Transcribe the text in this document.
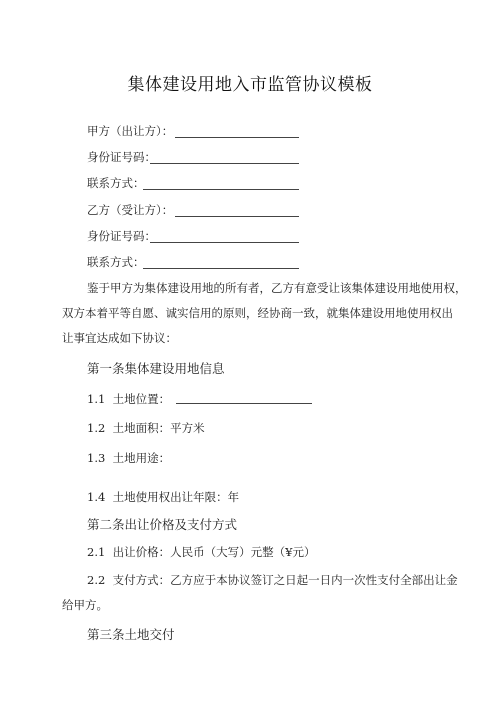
集体建设用地入市监管协议模板
甲方（出让方）：
身份证号码：
联系方式：
乙方（受让方）：
身份证号码：
联系方式：
鉴于甲方为集体建设用地的所有者，乙方有意受让该集体建设用地使用权，
双方本着平等自愿、诚实信用的原则，经协商一致，就集体建设用地使用权出
让事宜达成如下协议：
第一条集体建设用地信息
1.1 土地位置：
1.2 土地面积：平方米
1.3 土地用途：
1.4 土地使用权出让年限：年
第二条出让价格及支付方式
2.1 出让价格：人民币（大写）元整（¥元）
2.2 支付方式：乙方应于本协议签订之日起一日内一次性支付全部出让金
给甲方。
第三条土地交付
